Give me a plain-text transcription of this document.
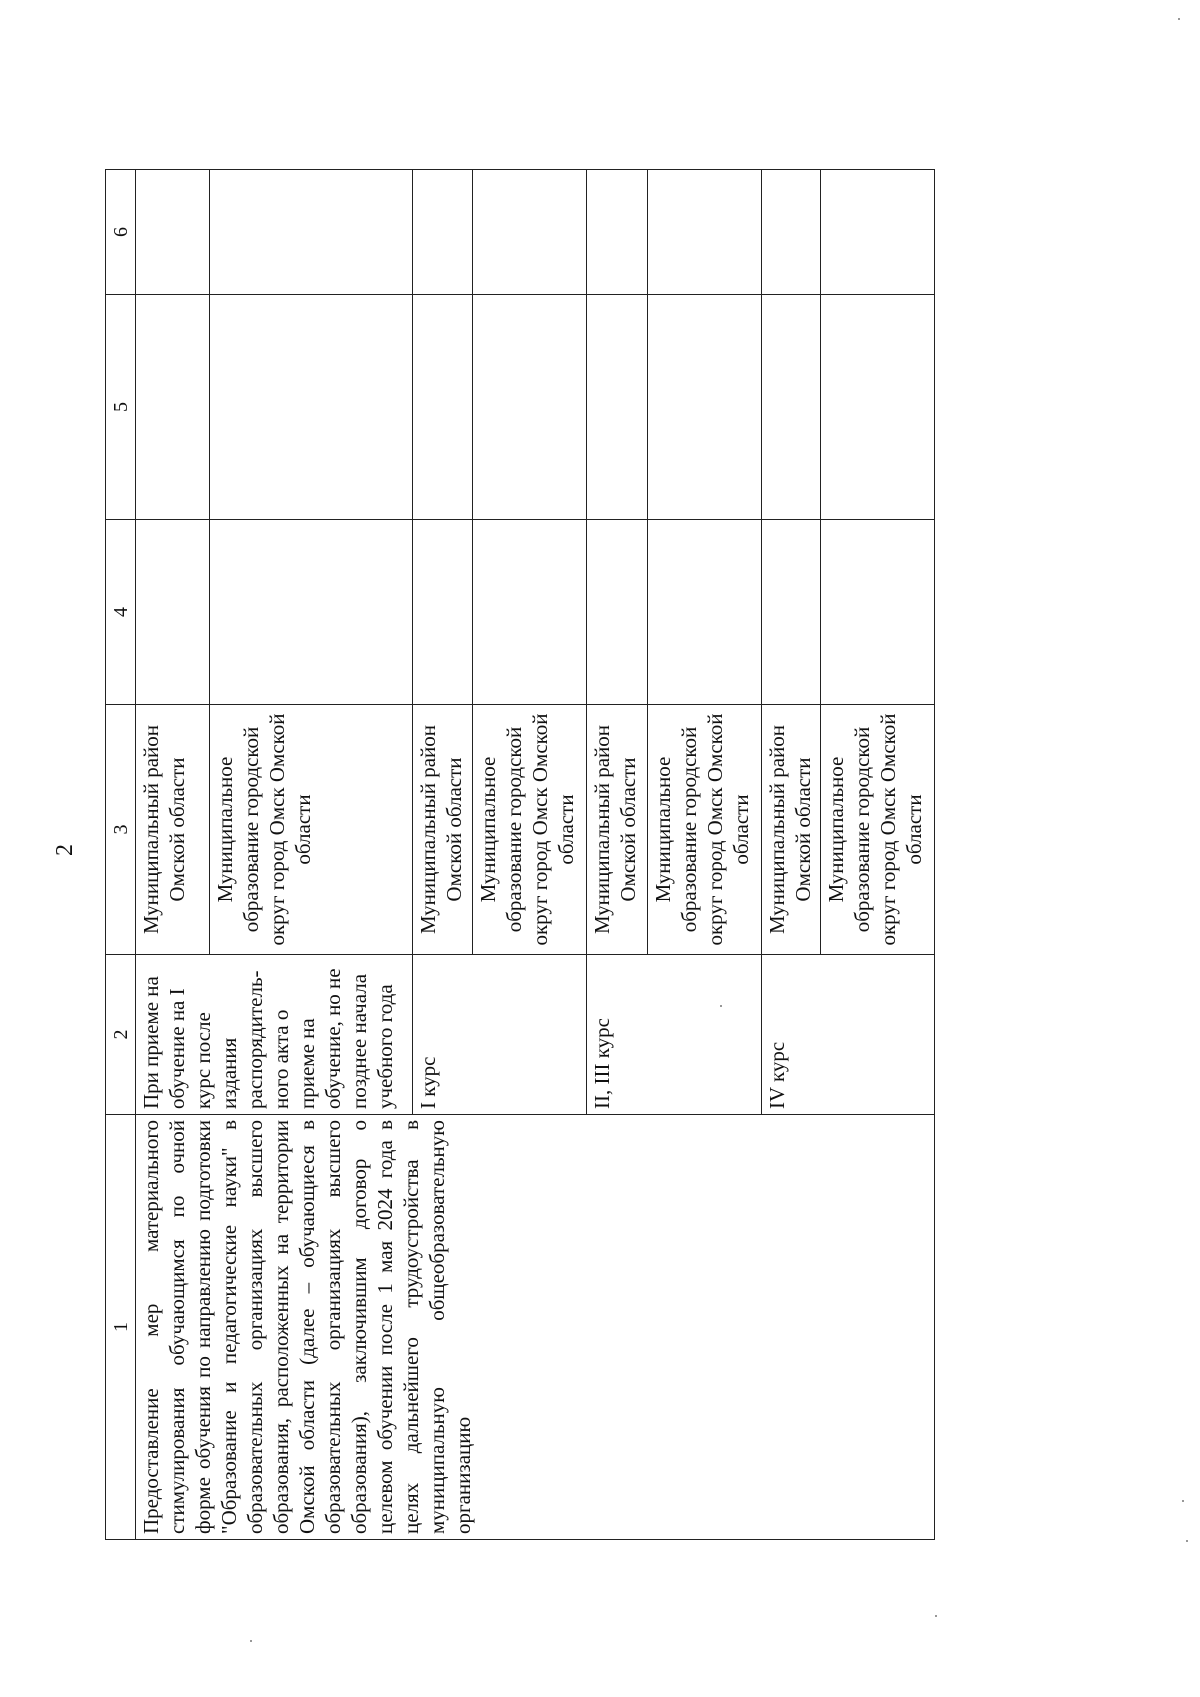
2
1	2	3	4	5	6
Предоставление мер материального стимулирования обучающимся по очной форме обучения по направлению подготовки "Образование и педагогические науки" в образовательных организациях высшего образования, расположенных на территории Омской области (далее – обучающиеся в образовательных организациях высшего образования), заключившим договор о целевом обучении после 1 мая 2024 года в целях дальнейшего трудоустройства в муниципальную общеобразовательную организацию	При приеме на обучение на I курс после издания распорядитель-ного акта о приеме на обучение, но не позднее начала учебного года	Муниципальный район Омской области			
		Муниципальное образование городской округ город Омск Омской области			
	I курс	Муниципальный район Омской области			
		Муниципальное образование городской округ город Омск Омской области			
	II, III курс	Муниципальный район Омской области			
		Муниципальное образование городской округ город Омск Омской области			
	IV курс	Муниципальный район Омской области			
		Муниципальное образование городской округ город Омск Омской области			
